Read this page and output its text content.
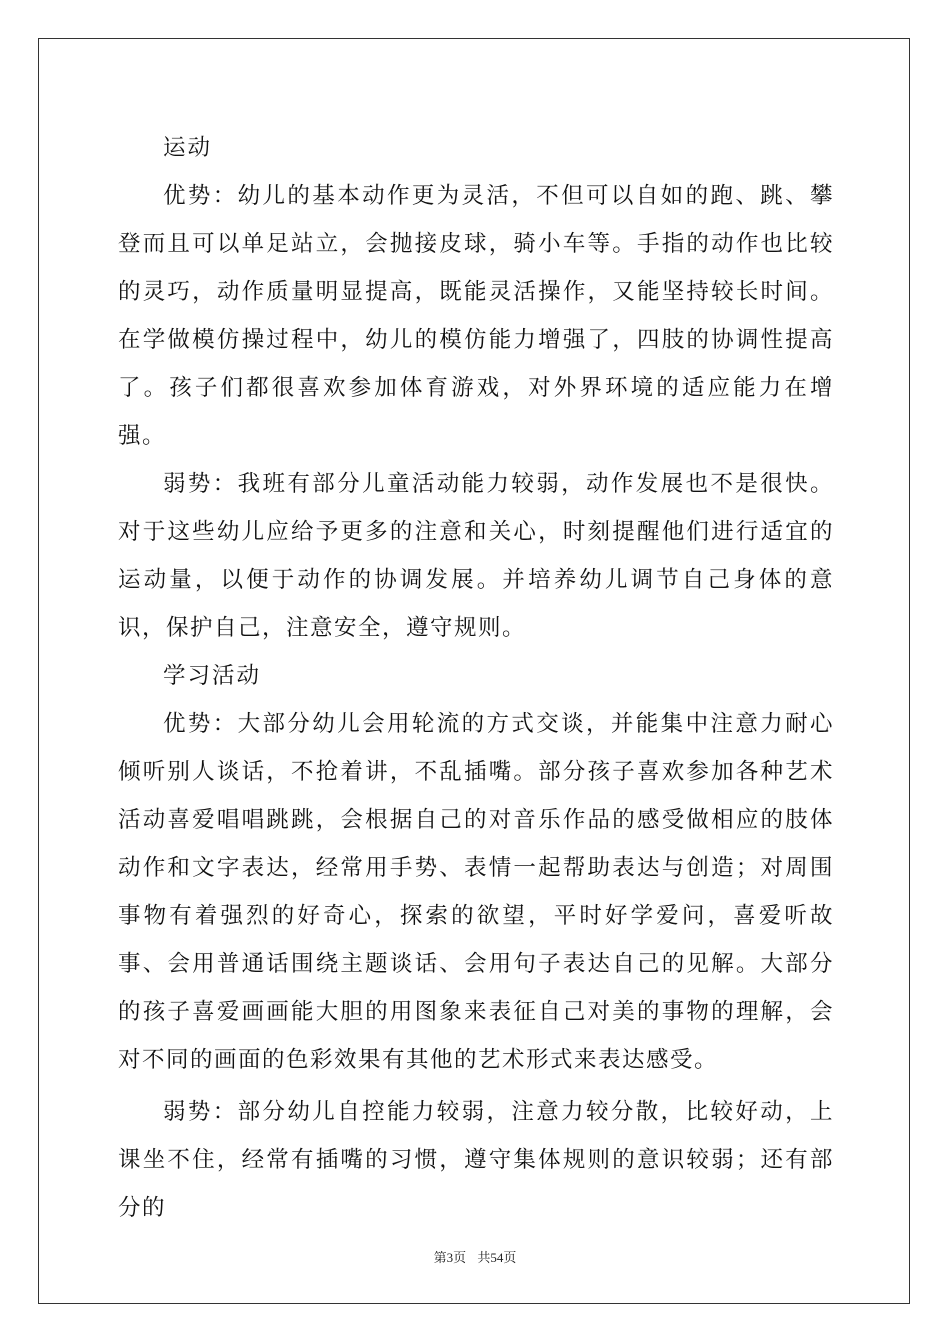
运动

优势：幼儿的基本动作更为灵活，不但可以自如的跑、跳、攀登而且可以单足站立，会抛接皮球，骑小车等。手指的动作也比较的灵巧，动作质量明显提高，既能灵活操作，又能坚持较长时间。在学做模仿操过程中，幼儿的模仿能力增强了，四肢的协调性提高了。孩子们都很喜欢参加体育游戏，对外界环境的适应能力在增强。

弱势：我班有部分儿童活动能力较弱，动作发展也不是很快。对于这些幼儿应给予更多的注意和关心，时刻提醒他们进行适宜的运动量，以便于动作的协调发展。并培养幼儿调节自己身体的意识，保护自己，注意安全，遵守规则。

学习活动

优势：大部分幼儿会用轮流的方式交谈，并能集中注意力耐心倾听别人谈话，不抢着讲，不乱插嘴。部分孩子喜欢参加各种艺术活动喜爱唱唱跳跳，会根据自己的对音乐作品的感受做相应的肢体动作和文字表达，经常用手势、表情一起帮助表达与创造；对周围事物有着强烈的好奇心，探索的欲望，平时好学爱问，喜爱听故事、会用普通话围绕主题谈话、会用句子表达自己的见解。大部分的孩子喜爱画画能大胆的用图象来表征自己对美的事物的理解，会对不同的画面的色彩效果有其他的艺术形式来表达感受。

弱势：部分幼儿自控能力较弱，注意力较分散，比较好动，上课坐不住，经常有插嘴的习惯，遵守集体规则的意识较弱；还有部分的

第3页 共54页
